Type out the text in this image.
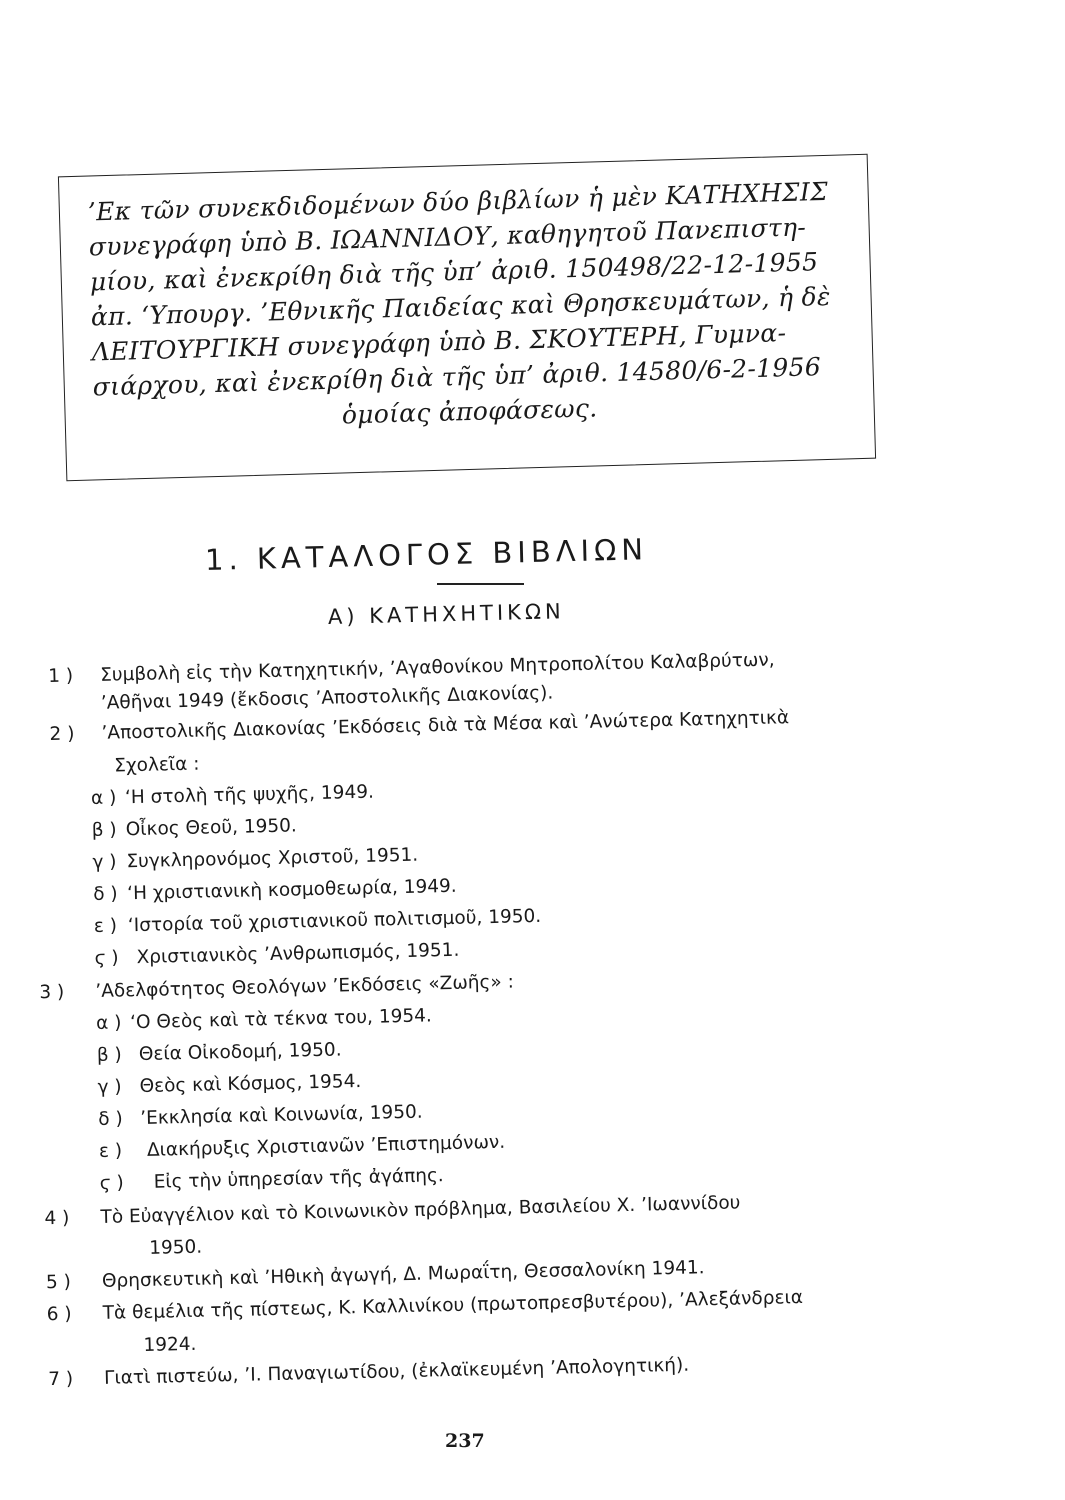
’Εκ τῶν συνεκδιδομένων δύο βιβλίων ἡ μὲν ΚΑΤΗΧΗΣΙΣ
συνεγράφη ὑπὸ Β. ΙΩΑΝΝΙΔΟΥ, καθηγητοῦ Πανεπιστη-
μίου, καὶ ἐνεκρίθη διὰ τῆς ὑπ’ ἀριθ. 150498/22-12-1955
ἀπ. ‘Υπουργ. ’Εθνικῆς Παιδείας καὶ Θρησκευμάτων, ἡ δὲ
ΛΕΙΤΟΥΡΓΙΚΗ συνεγράφη ὑπὸ Β. ΣΚΟΥΤΕΡΗ, Γυμνα-
σιάρχου, καὶ ἐνεκρίθη διὰ τῆς ὑπ’ ἀριθ. 14580/6-2-1956
ὁμοίας ἀποφάσεως.
1. ΚΑΤΑΛΟΓΟΣ ΒΙΒΛΙΩΝ
Α) ΚΑΤΗΧΗΤΙΚΩΝ
1 ) Συμβολὴ εἰς τὴν Κατηχητικήν, ’Αγαθονίκου Μητροπολίτου Καλαβρύτων,
’Αθῆναι 1949 (ἔκδοσις ’Αποστολικῆς Διακονίας).
2 ) ’Αποστολικῆς Διακονίας ’Εκδόσεις διὰ τὰ Μέσα καὶ ’Ανώτερα Κατηχητικὰ
Σχολεῖα :
α ) ‘Η στολὴ τῆς ψυχῆς, 1949.
β ) Οἶκος Θεοῦ, 1950.
γ ) Συγκληρονόμος Χριστοῦ, 1951.
δ ) ‘Η χριστιανικὴ κοσμοθεωρία, 1949.
ε ) ‘Ιστορία τοῦ χριστιανικοῦ πολιτισμοῦ, 1950.
ϛ ) Χριστιανικὸς ’Ανθρωπισμός, 1951.
3 ) ’Αδελφότητος Θεολόγων ’Εκδόσεις «Ζωῆς» :
α ) ‘Ο Θεὸς καὶ τὰ τέκνα του, 1954.
β ) Θεία Οἰκοδομή, 1950.
γ ) Θεὸς καὶ Κόσμος, 1954.
δ ) ’Εκκλησία καὶ Κοινωνία, 1950.
ε ) Διακήρυξις Χριστιανῶν ’Επιστημόνων.
ϛ ) Εἰς τὴν ὑπηρεσίαν τῆς ἀγάπης.
4 ) Τὸ Εὐαγγέλιον καὶ τὸ Κοινωνικὸν πρόβλημα, Βασιλείου Χ. ’Ιωαννίδου
1950.
5 ) Θρησκευτικὴ καὶ ’Ηθικὴ ἀγωγή, Δ. Μωραΐτη, Θεσσαλονίκη 1941.
6 ) Τὰ θεμέλια τῆς πίστεως, Κ. Καλλινίκου (πρωτοπρεσβυτέρου), ’Αλεξάνδρεια
1924.
7 ) Γιατὶ πιστεύω, ’Ι. Παναγιωτίδου, (ἐκλαϊκευμένη ’Απολογητική).
237
